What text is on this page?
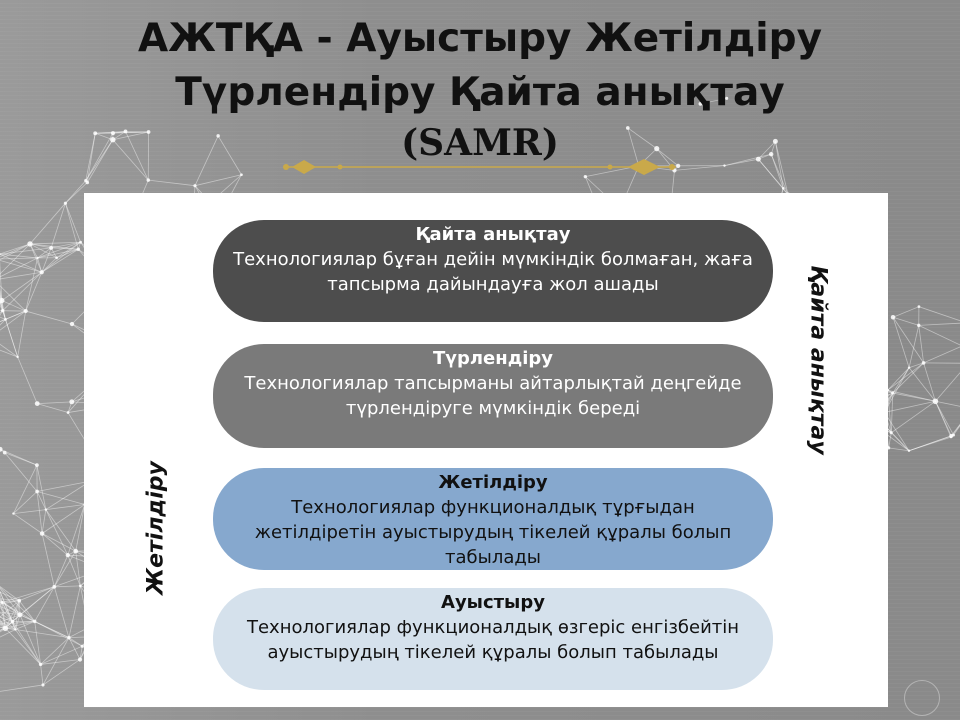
АЖТҚА - Ауыстыру Жетілдіру
Түрлендіру Қайта анықтау
(SAMR)
Қайта анықтау
Технологиялар бұған дейін мүмкіндік болмаған, жаға тапсырма дайындауға жол ашады
Түрлендіру
Технологиялар тапсырманы айтарлықтай деңгейде түрлендіруге мүмкіндік береді
Жетілдіру
Технологиялар функционалдық тұрғыдан жетілдіретін ауыстырудың тікелей құралы болып табылады
Ауыстыру
Технологиялар функционалдық өзгеріс енгізбейтін ауыстырудың тікелей құралы болып табылады
Жетілдіру
Қайта анықтау
